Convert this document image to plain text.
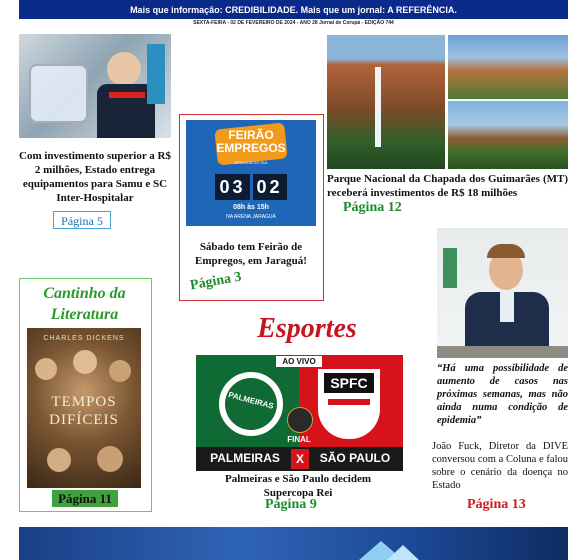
Mais que informação: CREDIBILIDADE. Mais que um jornal: A REFERÊNCIA.
SEXTA-FEIRA - 02 DE FEVEREIRO DE 2024 - ANO 28 Jornal de Corupá - EDIÇÃO 744
Com investimento superior a R$ 2 milhões, Estado entrega equipamentos para Samu e SC Inter-Hospitalar
Página 5
FEIRÃO
EMPREGOS
JARAGUÁ DO SUL
03 02
08h às 15h
NA ARENA JARAGUÁ
Sábado tem Feirão de Empregos, em Jaraguá!
Página 3
Parque Nacional da Chapada dos Guimarães (MT) receberá investimentos de R$ 18 milhões
Página 12
Cantinho da
Literatura
CHARLES DICKENS
TEMPOS
DIFÍCEIS
Página 11
Esportes
AO VIVO
PALMEIRAS
SPFC
FINAL
PALMEIRAS	X	SÃO PAULO
Palmeiras e São Paulo decidem Supercopa Rei
Página 9
“Há uma possibilidade de aumento de casos nas próximas semanas, mas não ainda numa condição de epidemia”
João Fuck, Diretor da DIVE conversou com a Coluna e falou sobre o cenário da doença no Estado
Página 13
